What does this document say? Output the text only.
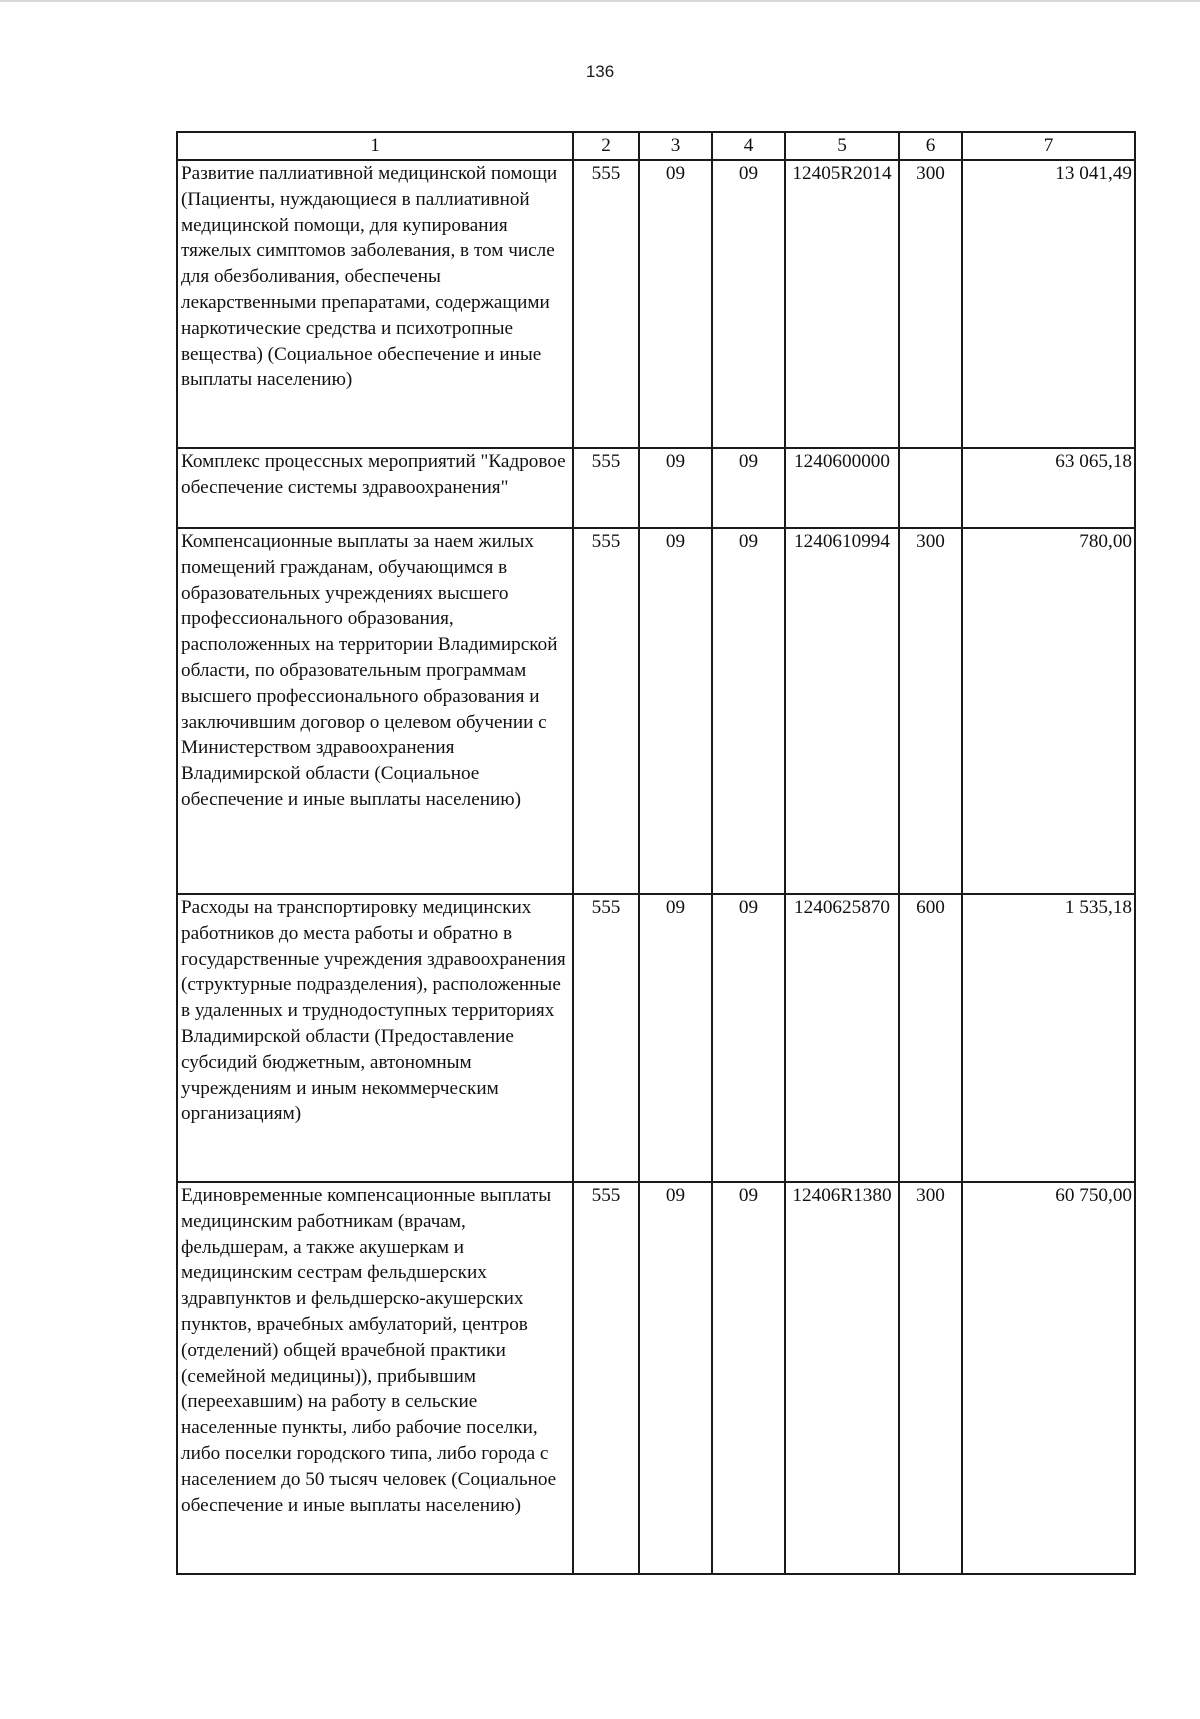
136
1	2	3	4	5	6	7
Развитие паллиативной медицинской помощи (Пациенты, нуждающиеся в паллиативной медицинской помощи, для купирования тяжелых симптомов заболевания, в том числе для обезболивания, обеспечены лекарственными препаратами, содержащими наркотические средства и психотропные вещества) (Социальное обеспечение и иные выплаты населению)	555	09	09	12405R2014	300	13 041,49
Комплекс процессных мероприятий "Кадровое обеспечение системы здравоохранения"	555	09	09	1240600000		63 065,18
Компенсационные выплаты за наем жилых помещений гражданам, обучающимся в образовательных учреждениях высшего профессионального образования, расположенных на территории Владимирской области, по образовательным программам высшего профессионального образования и заключившим договор о целевом обучении с Министерством здравоохранения Владимирской области (Социальное обеспечение и иные выплаты населению)	555	09	09	1240610994	300	780,00
Расходы на транспортировку медицинских работников до места работы и обратно в государственные учреждения здравоохранения (структурные подразделения), расположенные в удаленных и труднодоступных территориях Владимирской области (Предоставление субсидий бюджетным, автономным учреждениям и иным некоммерческим организациям)	555	09	09	1240625870	600	1 535,18
Единовременные компенсационные выплаты медицинским работникам (врачам, фельдшерам, а также акушеркам и медицинским сестрам фельдшерских здравпунктов и фельдшерско-акушерских пунктов, врачебных амбулаторий, центров (отделений) общей врачебной практики (семейной медицины)), прибывшим (переехавшим) на работу в сельские населенные пункты, либо рабочие поселки, либо поселки городского типа, либо города с населением до 50 тысяч человек (Социальное обеспечение и иные выплаты населению)	555	09	09	12406R1380	300	60 750,00
